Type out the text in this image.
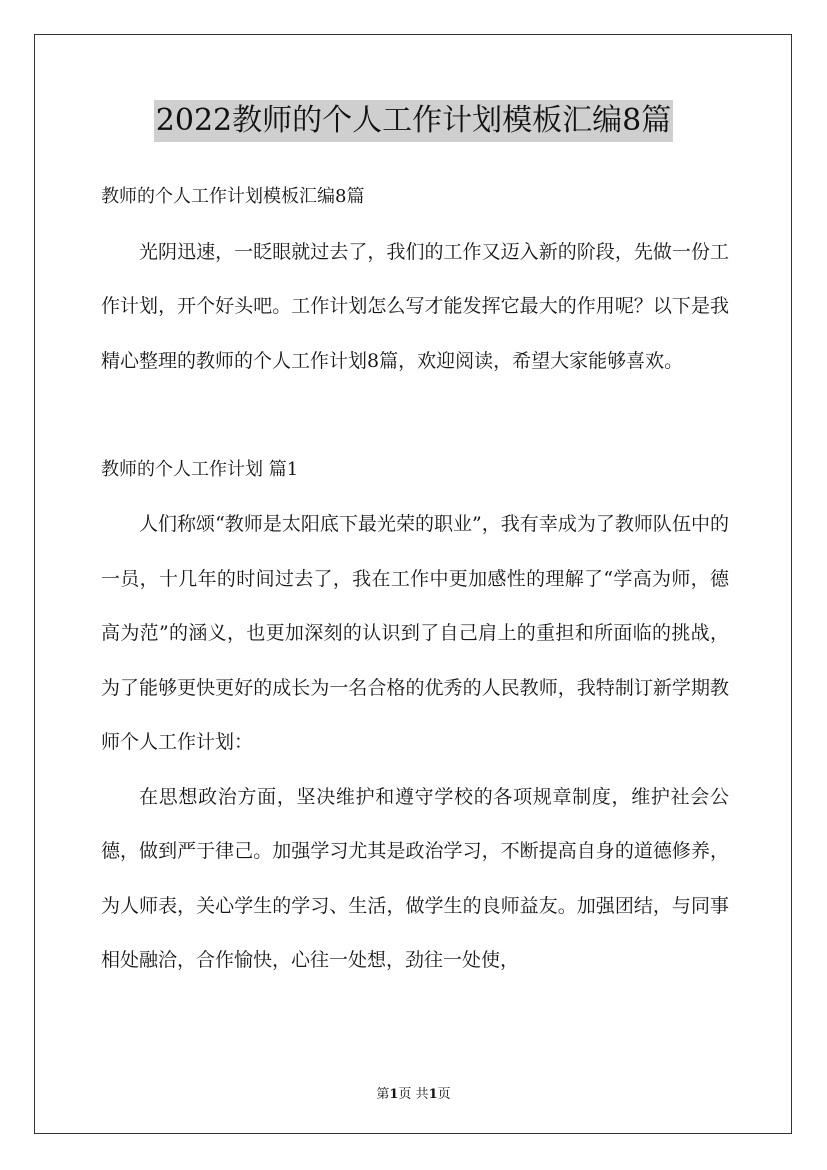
2022教师的个人工作计划模板汇编8篇

教师的个人工作计划模板汇编8篇

光阴迅速，一眨眼就过去了，我们的工作又迈入新的阶段，先做一份工作计划，开个好头吧。工作计划怎么写才能发挥它最大的作用呢？以下是我精心整理的教师的个人工作计划8篇，欢迎阅读，希望大家能够喜欢。

教师的个人工作计划 篇1

人们称颂“教师是太阳底下最光荣的职业”，我有幸成为了教师队伍中的一员，十几年的时间过去了，我在工作中更加感性的理解了“学高为师，德高为范”的涵义，也更加深刻的认识到了自己肩上的重担和所面临的挑战，为了能够更快更好的成长为一名合格的优秀的人民教师，我特制订新学期教师个人工作计划：

在思想政治方面，坚决维护和遵守学校的各项规章制度，维护社会公德，做到严于律己。加强学习尤其是政治学习，不断提高自身的道德修养，为人师表，关心学生的学习、生活，做学生的良师益友。加强团结，与同事相处融洽，合作愉快，心往一处想，劲往一处使，

第1页 共1页
